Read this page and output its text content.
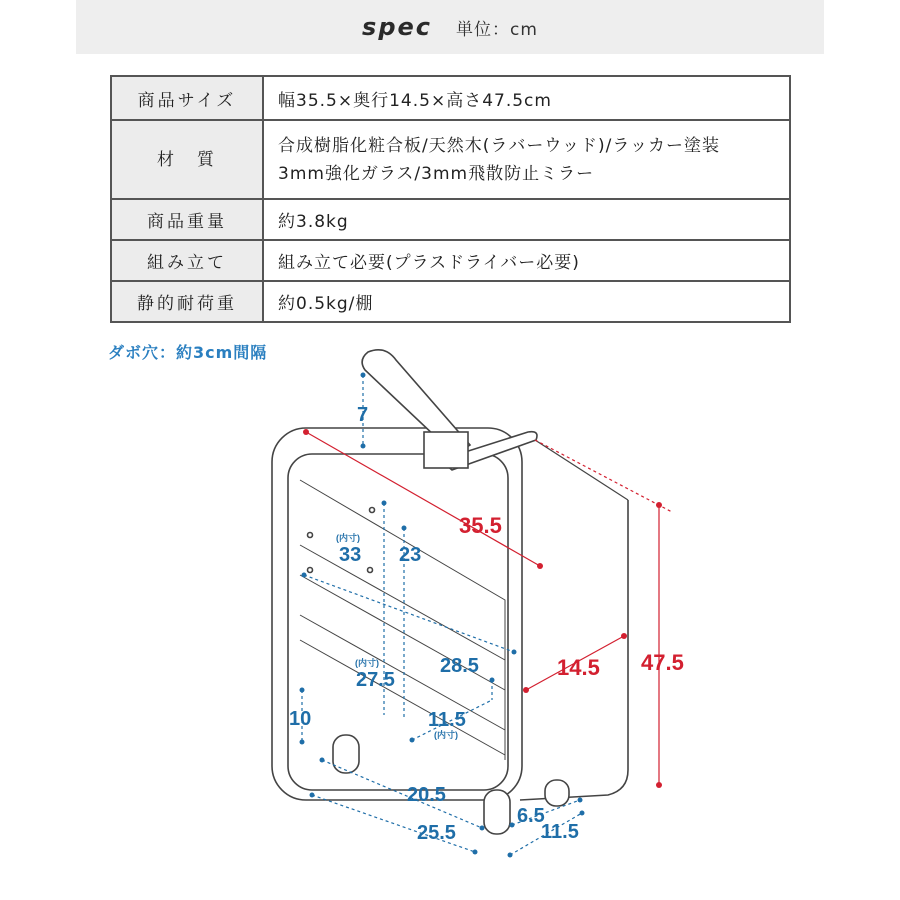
spec 単位：cm
商品サイズ	幅35.5×奥行14.5×高さ47.5cm
材　質	合成樹脂化粧合板/天然木(ラバーウッド)/ラッカー塗装
3mm強化ガラス/3mm飛散防止ミラー

商品重量	約3.8kg
組み立て	組み立て必要(プラスドライバー必要)
静的耐荷重	約0.5kg/棚
ダボ穴：約3cm間隔
7
35.5
(内寸)
33 23
28.5
(内寸)
27.5	14.5 47.5
10	11.5
(内寸)
20.5
6.5
25.5	11.5
